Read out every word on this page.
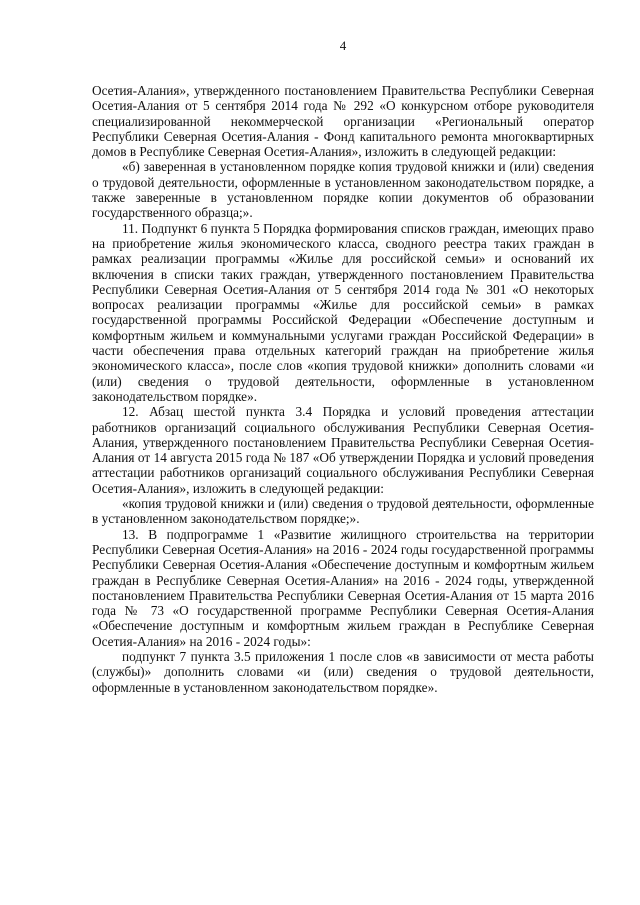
4

Осетия-Алания», утвержденного постановлением Правительства Республики Северная Осетия-Алания от 5 сентября 2014 года № 292 «О конкурсном отборе руководителя специализированной некоммерческой организации «Региональный оператор Республики Северная Осетия-Алания - Фонд капитального ремонта многоквартирных домов в Республике Северная Осетия-Алания», изложить в следующей редакции:

«б) заверенная в установленном порядке копия трудовой книжки и (или) сведения о трудовой деятельности, оформленные в установленном законодательством порядке, а также заверенные в установленном порядке копии документов об образовании государственного образца;».

11. Подпункт 6 пункта 5 Порядка формирования списков граждан, имеющих право на приобретение жилья экономического класса, сводного реестра таких граждан в рамках реализации программы «Жилье для российской семьи» и оснований их включения в списки таких граждан, утвержденного постановлением Правительства Республики Северная Осетия-Алания от 5 сентября 2014 года № 301 «О некоторых вопросах реализации программы «Жилье для российской семьи» в рамках государственной программы Российской Федерации «Обеспечение доступным и комфортным жильем и коммунальными услугами граждан Российской Федерации» в части обеспечения права отдельных категорий граждан на приобретение жилья экономического класса», после слов «копия трудовой книжки» дополнить словами «и (или) сведения о трудовой деятельности, оформленные в установленном законодательством порядке».

12. Абзац шестой пункта 3.4 Порядка и условий проведения аттестации работников организаций социального обслуживания Республики Северная Осетия-Алания, утвержденного постановлением Правительства Республики Северная Осетия-Алания от 14 августа 2015 года № 187 «Об утверждении Порядка и условий проведения аттестации работников организаций социального обслуживания Республики Северная Осетия-Алания», изложить в следующей редакции:

«копия трудовой книжки и (или) сведения о трудовой деятельности, оформленные в установленном законодательством порядке;».

13. В подпрограмме 1 «Развитие жилищного строительства на территории Республики Северная Осетия-Алания» на 2016 - 2024 годы государственной программы Республики Северная Осетия-Алания «Обеспечение доступным и комфортным жильем граждан в Республике Северная Осетия-Алания» на 2016 - 2024 годы, утвержденной постановлением Правительства Республики Северная Осетия-Алания от 15 марта 2016 года № 73 «О государственной программе Республики Северная Осетия-Алания «Обеспечение доступным и комфортным жильем граждан в Республике Северная Осетия-Алания» на 2016 - 2024 годы»:

подпункт 7 пункта 3.5 приложения 1 после слов «в зависимости от места работы (службы)» дополнить словами «и (или) сведения о трудовой деятельности, оформленные в установленном законодательством порядке».
